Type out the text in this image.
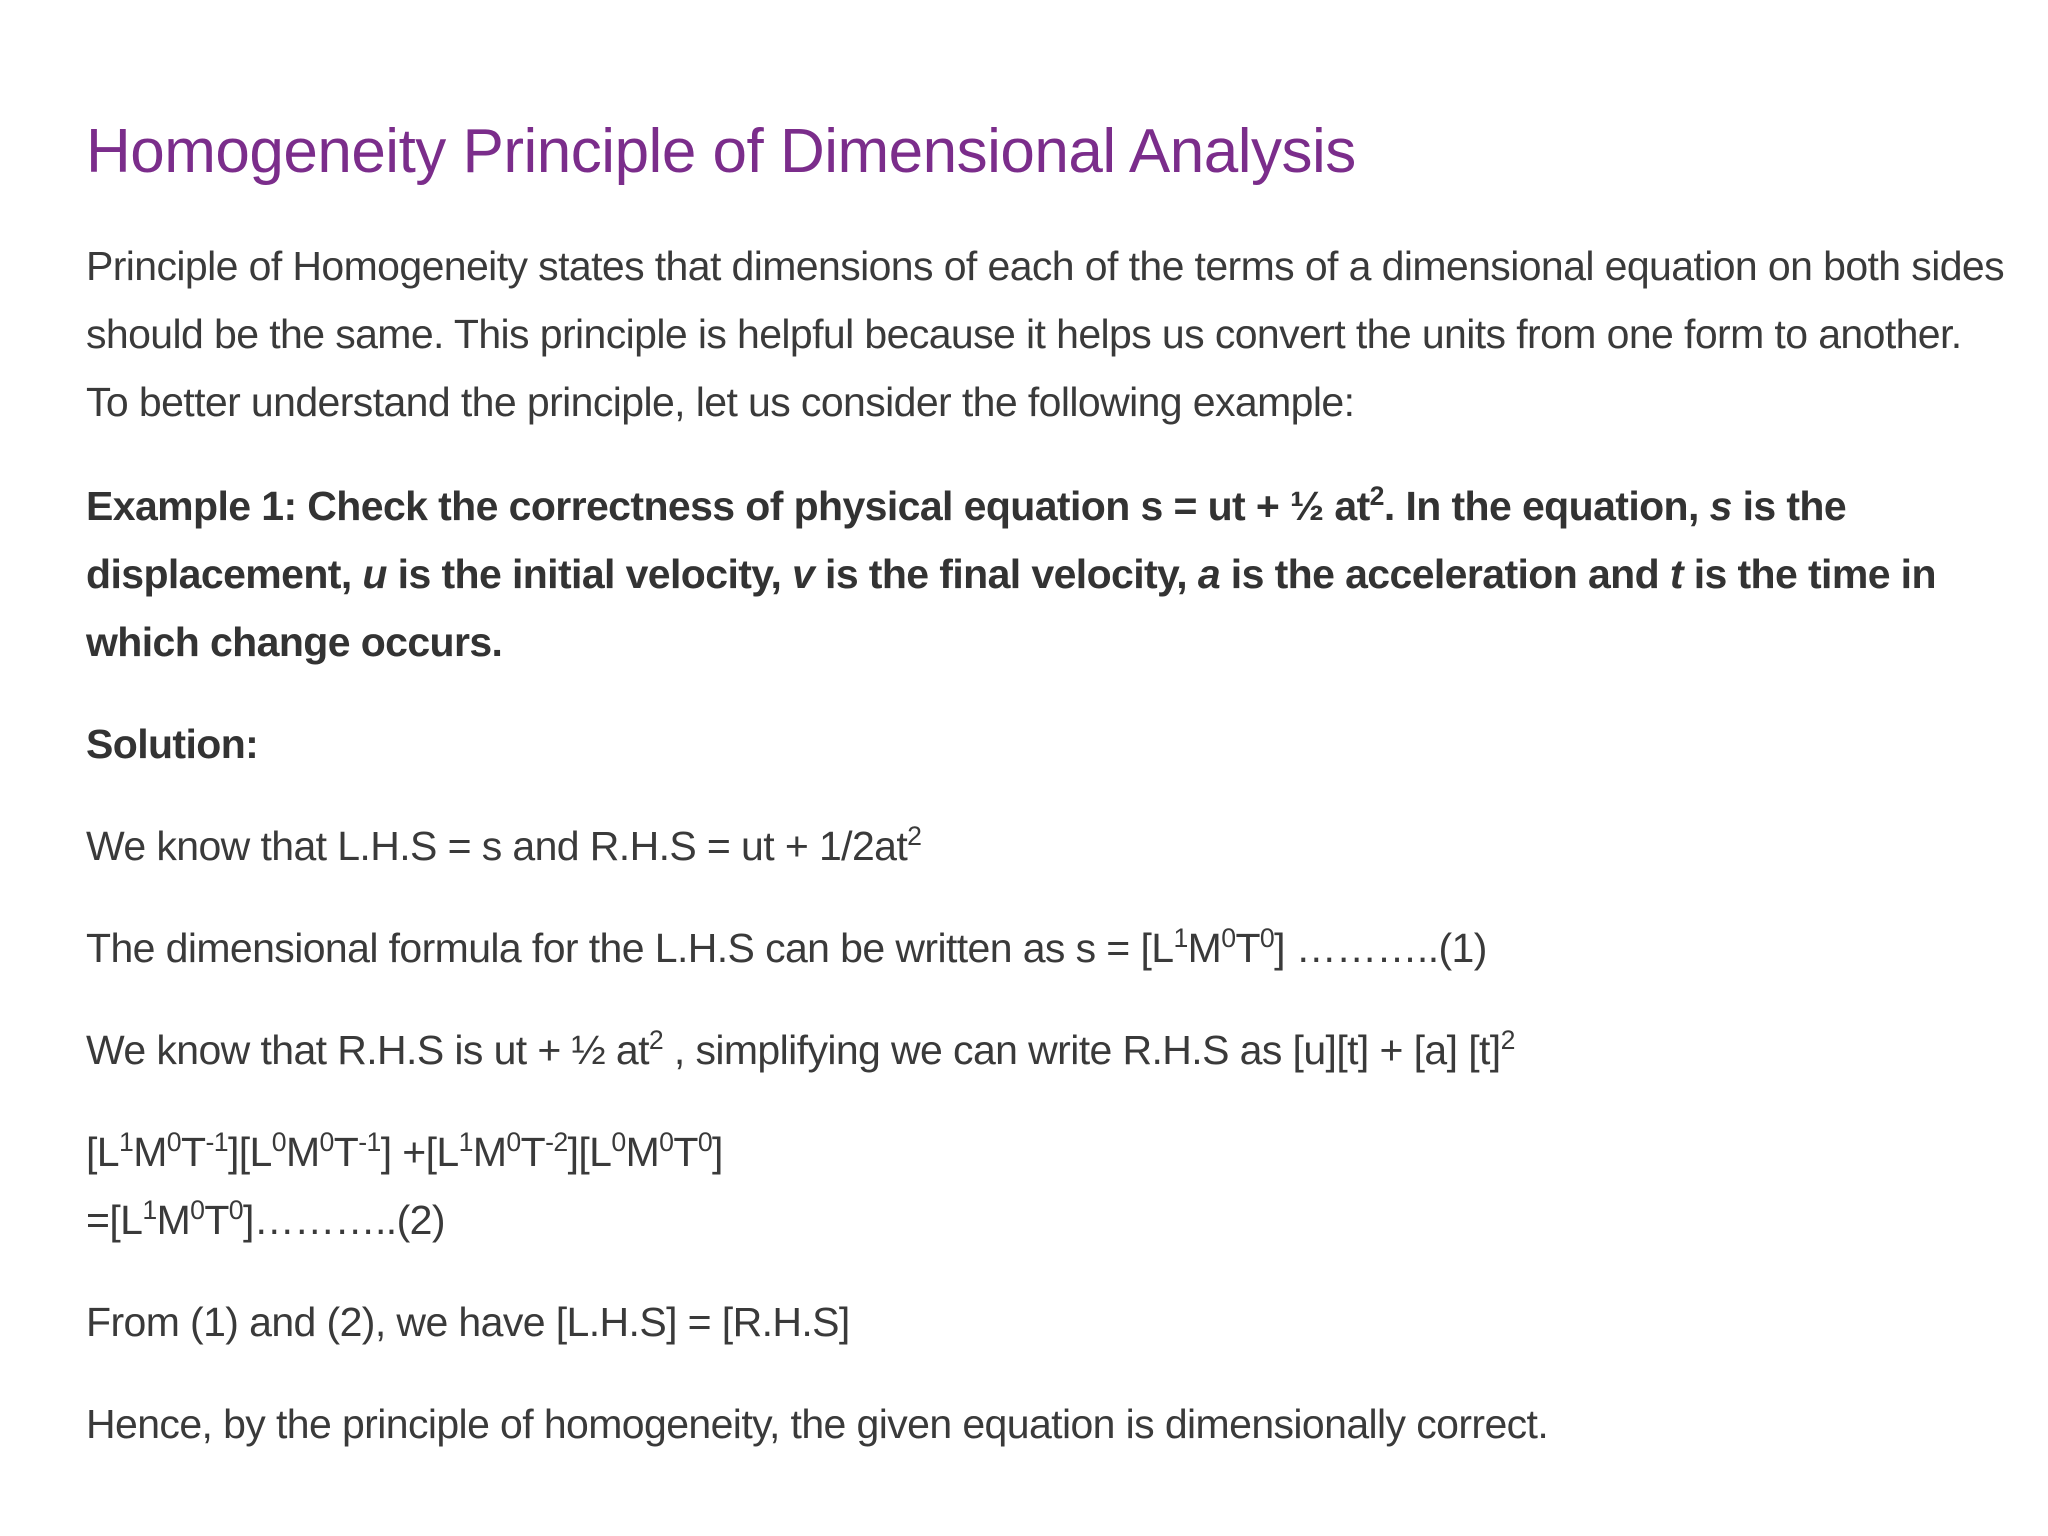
Homogeneity Principle of Dimensional Analysis

Principle of Homogeneity states that dimensions of each of the terms of a dimensional equation on both sides should be the same. This principle is helpful because it helps us convert the units from one form to another. To better understand the principle, let us consider the following example:

Example 1: Check the correctness of physical equation s = ut + ½ $at^2$. In the equation, s is the displacement, u is the initial velocity, v is the final velocity, a is the acceleration and t is the time in which change occurs.

Solution:

We know that L.H.S = s and R.H.S = ut + $1/2at^2$

The dimensional formula for the L.H.S can be written as $s = [L^1M^0T^0]$ ………..(1)

We know that R.H.S is ut + ½ $at^2$ , simplifying we can write R.H.S as [u][t] + [a] $[t]^2$

$[L^1M^0T^{-1}][L^0M^0T^{-1}] +[L^1M^0T^{-2}][L^0M^0T^0]$
$=[L^1M^0T^0]\dots\dots\dots..(2)$

From (1) and (2), we have [L.H.S] = [R.H.S]

Hence, by the principle of homogeneity, the given equation is dimensionally correct.
